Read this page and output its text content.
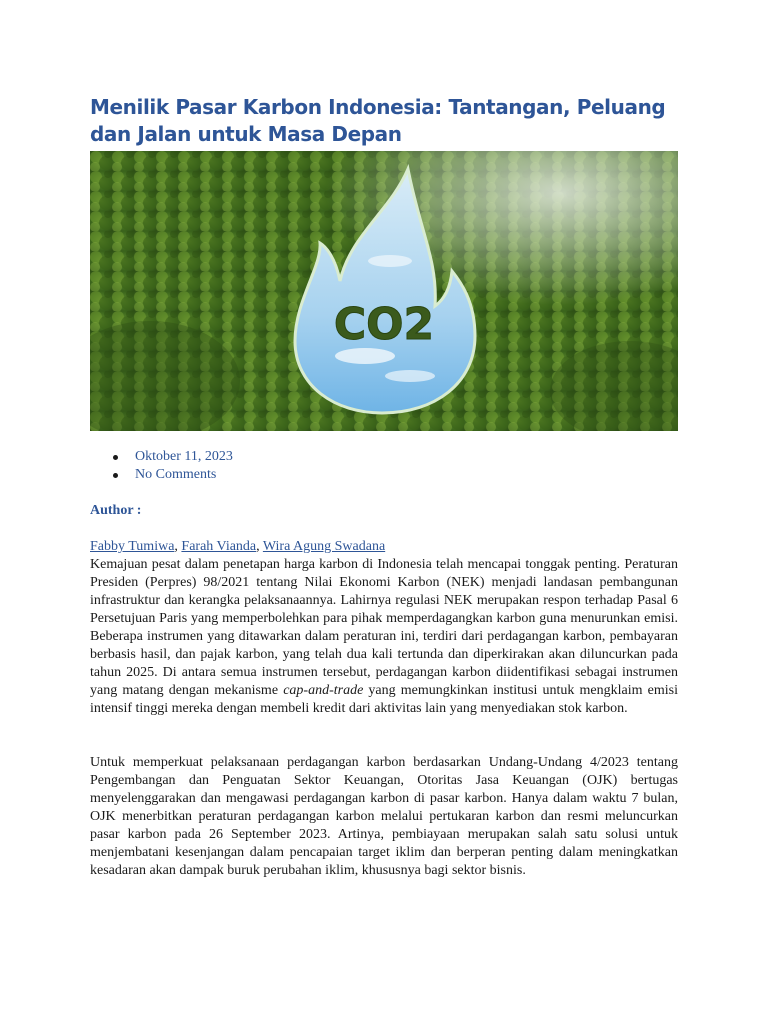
Menilik Pasar Karbon Indonesia: Tantangan, Peluang dan Jalan untuk Masa Depan
CO2
Oktober 11, 2023
No Comments

Author :

Fabby Tumiwa, Farah Vianda, Wira Agung Swadana

Kemajuan pesat dalam penetapan harga karbon di Indonesia telah mencapai tonggak penting. Peraturan Presiden (Perpres) 98/2021 tentang Nilai Ekonomi Karbon (NEK) menjadi landasan pembangunan infrastruktur dan kerangka pelaksanaannya. Lahirnya regulasi NEK merupakan respon terhadap Pasal 6 Persetujuan Paris yang memperbolehkan para pihak memperdagangkan karbon guna menurunkan emisi. Beberapa instrumen yang ditawarkan dalam peraturan ini, terdiri dari perdagangan karbon, pembayaran berbasis hasil, dan pajak karbon, yang telah dua kali tertunda dan diperkirakan akan diluncurkan pada tahun 2025. Di antara semua instrumen tersebut, perdagangan karbon diidentifikasi sebagai instrumen yang matang dengan mekanisme cap-and-trade yang memungkinkan institusi untuk mengklaim emisi intensif tinggi mereka dengan membeli kredit dari aktivitas lain yang menyediakan stok karbon.

Untuk memperkuat pelaksanaan perdagangan karbon berdasarkan Undang-Undang 4/2023 tentang Pengembangan dan Penguatan Sektor Keuangan, Otoritas Jasa Keuangan (OJK) bertugas menyelenggarakan dan mengawasi perdagangan karbon di pasar karbon. Hanya dalam waktu 7 bulan, OJK menerbitkan peraturan perdagangan karbon melalui pertukaran karbon dan resmi meluncurkan pasar karbon pada 26 September 2023. Artinya, pembiayaan merupakan salah satu solusi untuk menjembatani kesenjangan dalam pencapaian target iklim dan berperan penting dalam meningkatkan kesadaran akan dampak buruk perubahan iklim, khususnya bagi sektor bisnis.
